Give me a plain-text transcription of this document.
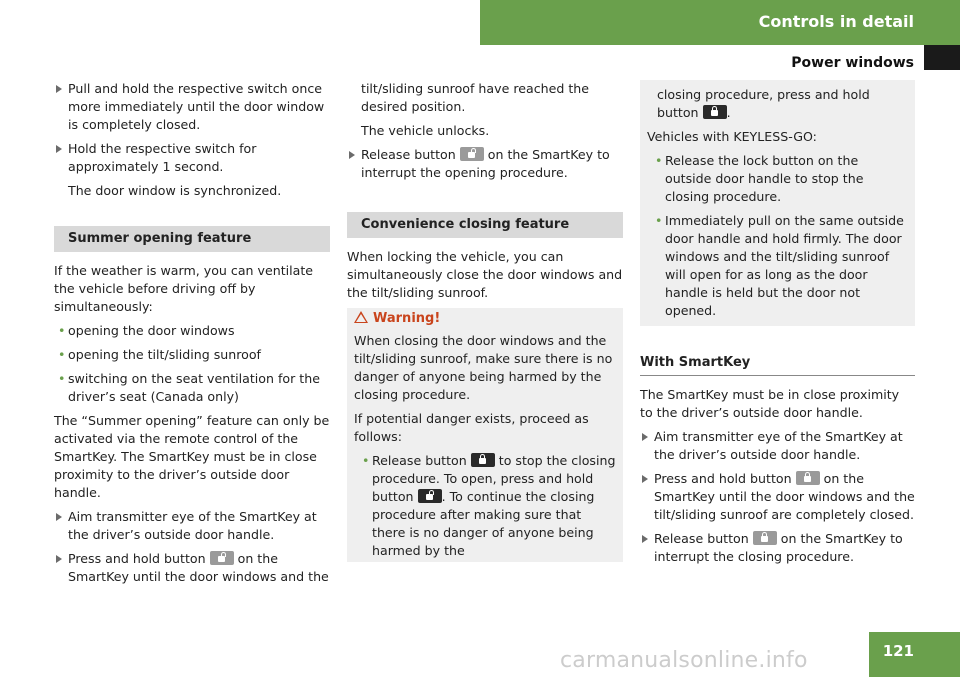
Controls in detail
Power windows
Pull and hold the respective switch once more immediately until the door window is completely closed.
Hold the respective switch for approximately 1 second.
The door window is synchronized.
Summer opening feature

If the weather is warm, you can ventilate the vehicle before driving off by simultaneously:

• opening the door windows
• opening the tilt/sliding sunroof
• switching on the seat ventilation for the driver’s seat (Canada only)

The “Summer opening” feature can only be activated via the remote control of the SmartKey. The SmartKey must be in close proximity to the driver’s outside door handle.

Aim transmitter eye of the SmartKey at the driver’s outside door handle.
Press and hold button	on the SmartKey until the door windows and the
tilt/sliding sunroof have reached the desired position.
The vehicle unlocks.
Release button	on the SmartKey to interrupt the opening procedure.
Convenience closing feature

When locking the vehicle, you can simultaneously close the door windows and the tilt/sliding sunroof.

Warning!

When closing the door windows and the tilt/sliding sunroof, make sure there is no danger of anyone being harmed by the closing procedure.

If potential danger exists, proceed as follows:

• Release button	to stop the closing procedure. To open, press and hold button . To continue the closing procedure after making sure that there is no danger of anyone being harmed by the
closing procedure, press and hold button .

Vehicles with KEYLESS-GO:

• Release the lock button on the outside door handle to stop the closing procedure.
• Immediately pull on the same outside door handle and hold firmly. The door windows and the tilt/sliding sunroof will open for as long as the door handle is held but the door not opened.
With SmartKey

The SmartKey must be in close proximity to the driver’s outside door handle.

Aim transmitter eye of the SmartKey at the driver’s outside door handle.
Press and hold button	on the SmartKey until the door windows and the tilt/sliding sunroof are completely closed.
Release button	on the SmartKey to interrupt the closing procedure.
121
carmanualsonline.info
